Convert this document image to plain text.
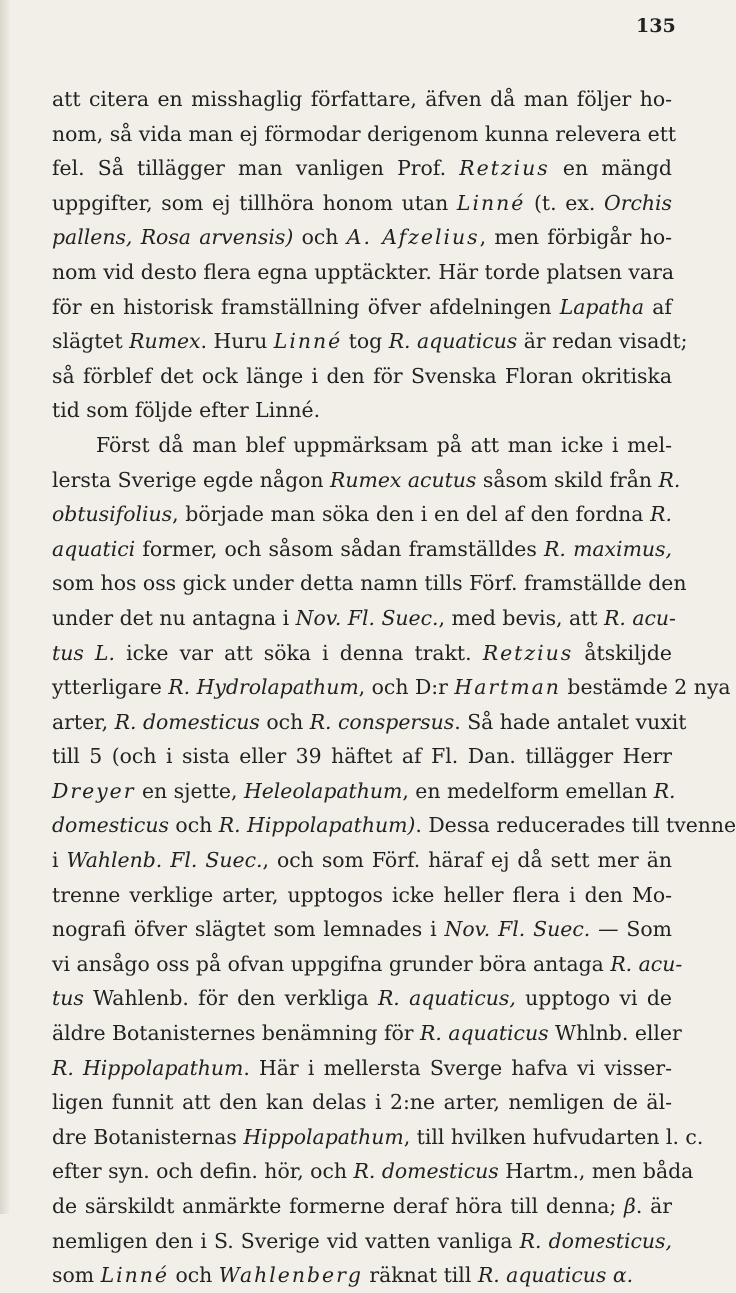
135
att citera en misshaglig författare, äfven då man följer ho-
nom, så vida man ej förmodar derigenom kunna relevera ett
fel. Så tillägger man vanligen Prof. Retzius en mängd
uppgifter, som ej tillhöra honom utan Linné (t. ex. Orchis
pallens, Rosa arvensis) och A. Afzelius, men förbigår ho-
nom vid desto flera egna upptäckter. Här torde platsen vara
för en historisk framställning öfver afdelningen Lapatha af
slägtet Rumex. Huru Linné tog R. aquaticus är redan visadt;
så förblef det ock länge i den för Svenska Floran okritiska
tid som följde efter Linné.
Först då man blef uppmärksam på att man icke i mel-
lersta Sverige egde någon Rumex acutus såsom skild från R.
obtusifolius, började man söka den i en del af den fordna R.
aquatici former, och såsom sådan framställdes R. maximus,
som hos oss gick under detta namn tills Förf. framställde den
under det nu antagna i Nov. Fl. Suec., med bevis, att R. acu-
tus L. icke var att söka i denna trakt. Retzius åtskiljde
ytterligare R. Hydrolapathum, och D:r Hartman bestämde 2 nya
arter, R. domesticus och R. conspersus. Så hade antalet vuxit
till 5 (och i sista eller 39 häftet af Fl. Dan. tillägger Herr
Dreyer en sjette, Heleolapathum, en medelform emellan R.
domesticus och R. Hippolapathum). Dessa reducerades till tvenne
i Wahlenb. Fl. Suec., och som Förf. häraf ej då sett mer än
trenne verklige arter, upptogos icke heller flera i den Mo-
nografi öfver slägtet som lemnades i Nov. Fl. Suec. — Som
vi ansågo oss på ofvan uppgifna grunder böra antaga R. acu-
tus Wahlenb. för den verkliga R. aquaticus, upptogo vi de
äldre Botanisternes benämning för R. aquaticus Whlnb. eller
R. Hippolapathum. Här i mellersta Sverge hafva vi visser-
ligen funnit att den kan delas i 2:ne arter, nemligen de äl-
dre Botanisternas Hippolapathum, till hvilken hufvudarten l. c.
efter syn. och defin. hör, och R. domesticus Hartm., men båda
de särskildt anmärkte formerne deraf höra till denna; β. är
nemligen den i S. Sverige vid vatten vanliga R. domesticus,
som Linné och Wahlenberg räknat till R. aquaticus α.
